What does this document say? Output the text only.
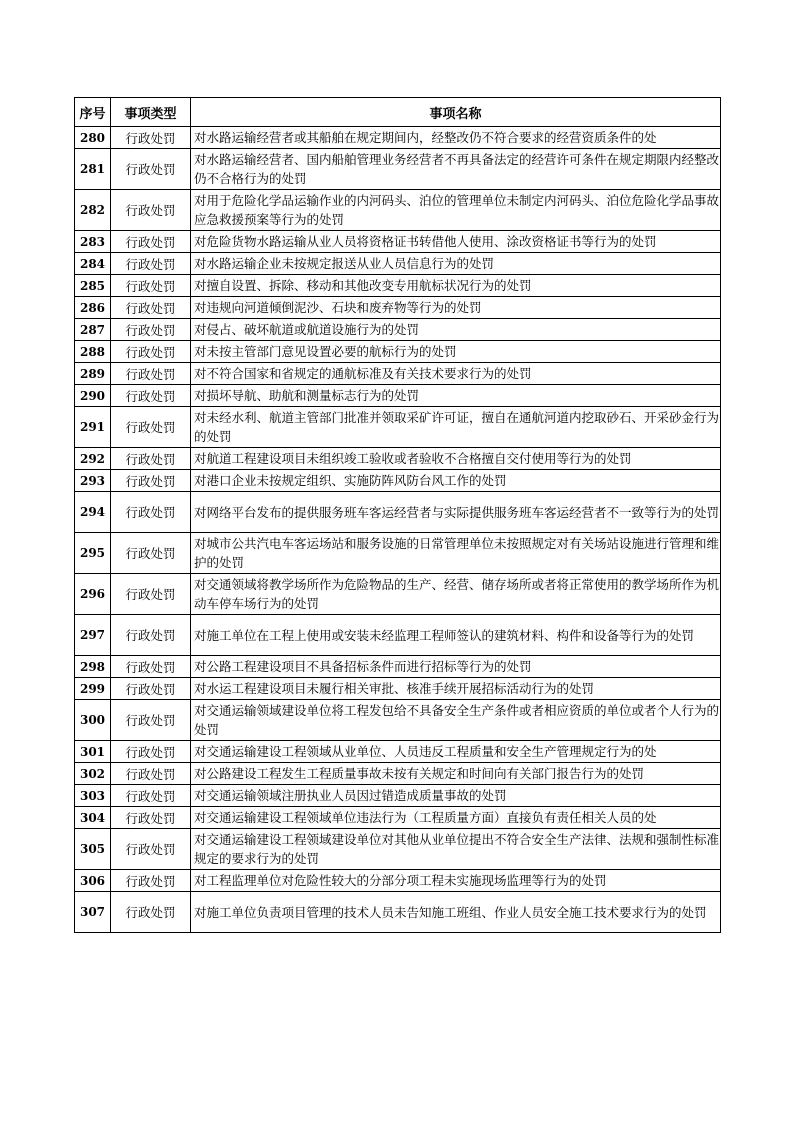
序号	事项类型	事项名称
280	行政处罚	对水路运输经营者或其船舶在规定期间内，经整改仍不符合要求的经营资质条件的处
281	行政处罚	对水路运输经营者、国内船舶管理业务经营者不再具备法定的经营许可条件在规定期限内经整改仍不合格行为的处罚
282	行政处罚	对用于危险化学品运输作业的内河码头、泊位的管理单位未制定内河码头、泊位危险化学品事故应急救援预案等行为的处罚
283	行政处罚	对危险货物水路运输从业人员将资格证书转借他人使用、涂改资格证书等行为的处罚
284	行政处罚	对水路运输企业未按规定报送从业人员信息行为的处罚
285	行政处罚	对擅自设置、拆除、移动和其他改变专用航标状况行为的处罚
286	行政处罚	对违规向河道倾倒泥沙、石块和废弃物等行为的处罚
287	行政处罚	对侵占、破坏航道或航道设施行为的处罚
288	行政处罚	对未按主管部门意见设置必要的航标行为的处罚
289	行政处罚	对不符合国家和省规定的通航标准及有关技术要求行为的处罚
290	行政处罚	对损坏导航、助航和测量标志行为的处罚
291	行政处罚	对未经水利、航道主管部门批准并领取采矿许可证，擅自在通航河道内挖取砂石、开采砂金行为的处罚
292	行政处罚	对航道工程建设项目未组织竣工验收或者验收不合格擅自交付使用等行为的处罚
293	行政处罚	对港口企业未按规定组织、实施防阵风防台风工作的处罚
294	行政处罚	对网络平台发布的提供服务班车客运经营者与实际提供服务班车客运经营者不一致等行为的处罚
295	行政处罚	对城市公共汽电车客运场站和服务设施的日常管理单位未按照规定对有关场站设施进行管理和维护的处罚
296	行政处罚	对交通领域将教学场所作为危险物品的生产、经营、储存场所或者将正常使用的教学场所作为机动车停车场行为的处罚
297	行政处罚	对施工单位在工程上使用或安装未经监理工程师签认的建筑材料、构件和设备等行为的处罚
298	行政处罚	对公路工程建设项目不具备招标条件而进行招标等行为的处罚
299	行政处罚	对水运工程建设项目未履行相关审批、核准手续开展招标活动行为的处罚
300	行政处罚	对交通运输领域建设单位将工程发包给不具备安全生产条件或者相应资质的单位或者个人行为的处罚
301	行政处罚	对交通运输建设工程领域从业单位、人员违反工程质量和安全生产管理规定行为的处
302	行政处罚	对公路建设工程发生工程质量事故未按有关规定和时间向有关部门报告行为的处罚
303	行政处罚	对交通运输领域注册执业人员因过错造成质量事故的处罚
304	行政处罚	对交通运输建设工程领域单位违法行为（工程质量方面）直接负有责任相关人员的处
305	行政处罚	对交通运输建设工程领域建设单位对其他从业单位提出不符合安全生产法律、法规和强制性标准规定的要求行为的处罚
306	行政处罚	对工程监理单位对危险性较大的分部分项工程未实施现场监理等行为的处罚
307	行政处罚	对施工单位负责项目管理的技术人员未告知施工班组、作业人员安全施工技术要求行为的处罚
